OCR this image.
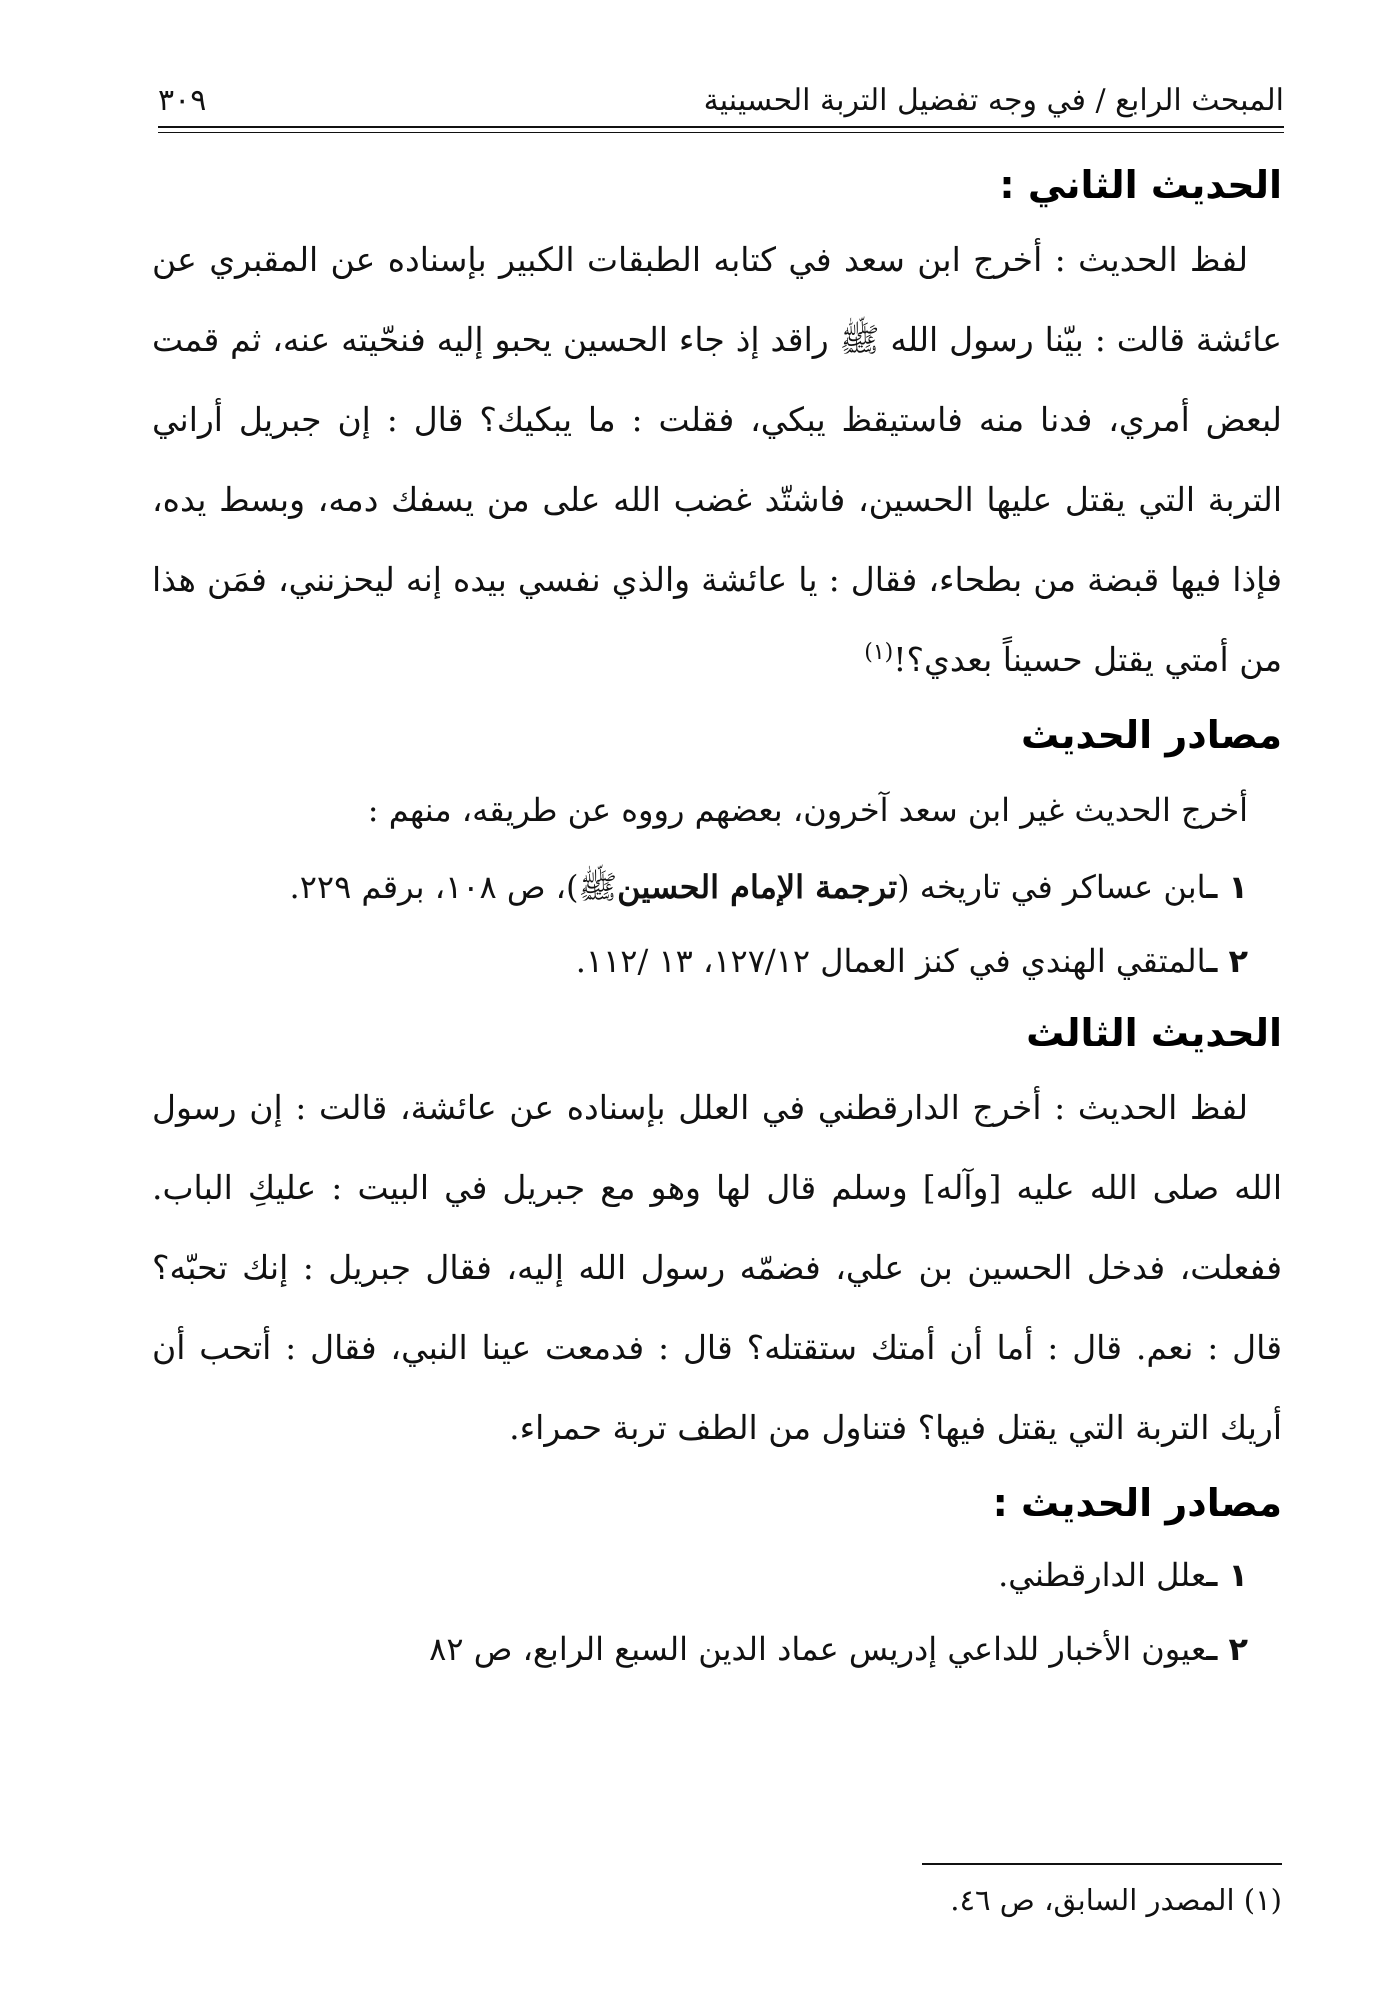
المبحث الرابع / في وجه تفضيل التربة الحسينية
٣٠٩
الحديث الثاني :

لفظ الحديث : أخرج ابن سعد في كتابه الطبقات الكبير بإسناده عن المقبري عن عائشة قالت : بيّنا رسول الله ﷺ راقد إذ جاء الحسين يحبو إليه فنحّيته عنه، ثم قمت لبعض أمري، فدنا منه فاستيقظ يبكي، فقلت : ما يبكيك؟ قال : إن جبريل أراني التربة التي يقتل عليها الحسين، فاشتّد غضب الله على من يسفك دمه، وبسط يده، فإذا فيها قبضة من بطحاء، فقال : يا عائشة والذي نفسي بيده إنه ليحزنني، فمَن هذا من أمتي يقتل حسيناً بعدي؟!$^{(١)}$

مصادر الحديث

أخرج الحديث غير ابن سعد آخرون، بعضهم رووه عن طريقه، منهم :

١ ـابن عساكر في تاريخه (ترجمة الإمام الحسينﷺ)، ص ١٠٨، برقم ٢٢٩.
٢ ـالمتقي الهندي في كنز العمال ١٢٧/١٢، ١٣ /١١٢.
الحديث الثالث

لفظ الحديث : أخرج الدارقطني في العلل بإسناده عن عائشة، قالت : إن رسول الله صلى الله عليه [وآله] وسلم قال لها وهو مع جبريل في البيت : عليكِ الباب. ففعلت، فدخل الحسين بن علي، فضمّه رسول الله إليه، فقال جبريل : إنك تحبّه؟ قال : نعم. قال : أما أن أمتك ستقتله؟ قال : فدمعت عينا النبي، فقال : أتحب أن أريك التربة التي يقتل فيها؟ فتناول من الطف تربة حمراء.

مصادر الحديث :
١ ـعلل الدارقطني.
٢ ـعيون الأخبار للداعي إدريس عماد الدين السبع الرابع، ص ٨٢

(١) المصدر السابق، ص ٤٦.
